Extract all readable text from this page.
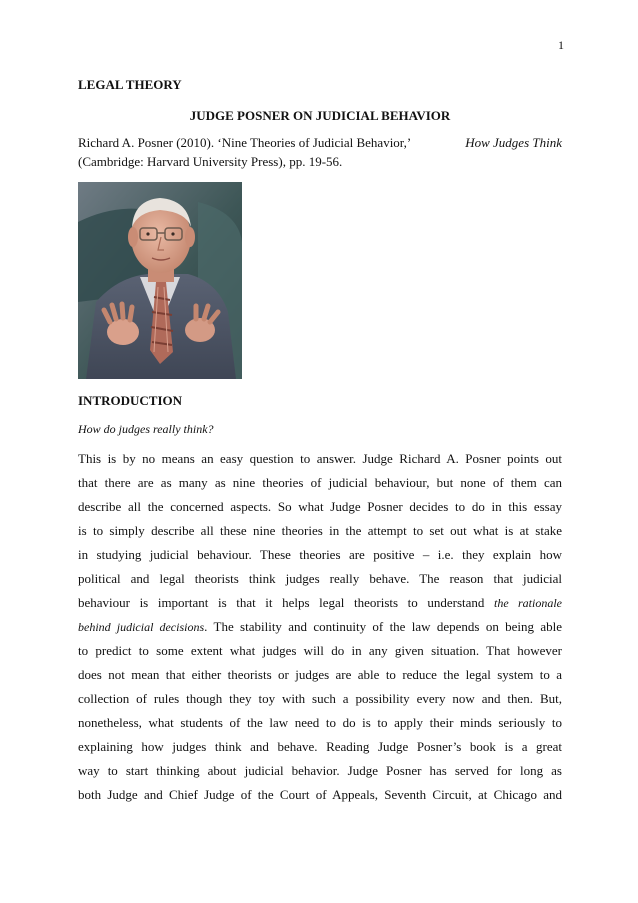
1
LEGAL THEORY
JUDGE POSNER ON JUDICIAL BEHAVIOR
Richard A. Posner (2010). ‘Nine Theories of Judicial Behavior,’	How Judges Think
(Cambridge: Harvard University Press), pp. 19-56.
INTRODUCTION
How do judges really think?
This is by no means an easy question to answer. Judge Richard A. Posner points out
that there are as many as nine theories of judicial behaviour, but none of them can
describe all the concerned aspects. So what Judge Posner decides to do in this essay
is to simply describe all these nine theories in the attempt to set out what is at stake
in studying judicial behaviour. These theories are positive – i.e. they explain how
political and legal theorists think judges really behave. The reason that judicial
behaviour is important is that it helps legal theorists to understand the rationale
behind judicial decisions. The stability and continuity of the law depends on being able
to predict to some extent what judges will do in any given situation. That however
does not mean that either theorists or judges are able to reduce the legal system to a
collection of rules though they toy with such a possibility every now and then. But,
nonetheless, what students of the law need to do is to apply their minds seriously to
explaining how judges think and behave. Reading Judge Posner’s book is a great
way to start thinking about judicial behavior. Judge Posner has served for long as
both Judge and Chief Judge of the Court of Appeals, Seventh Circuit, at Chicago and
